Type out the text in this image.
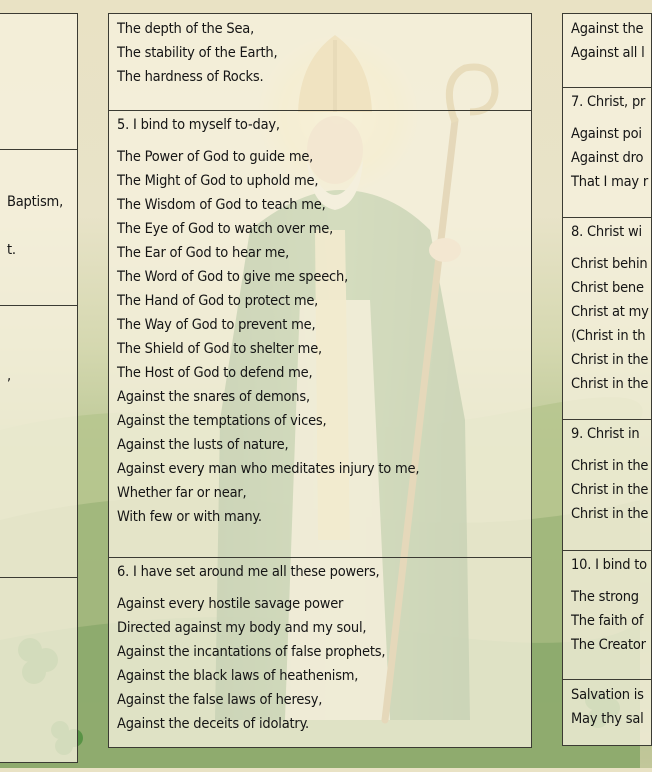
Baptism,
t.
,
The depth of the Sea,
The stability of the Earth,
The hardness of Rocks.
5. I bind to myself to-day,
The Power of God to guide me,
The Might of God to uphold me,
The Wisdom of God to teach me,
The Eye of God to watch over me,
The Ear of God to hear me,
The Word of God to give me speech,
The Hand of God to protect me,
The Way of God to prevent me,
The Shield of God to shelter me,
The Host of God to defend me,
Against the snares of demons,
Against the temptations of vices,
Against the lusts of nature,
Against every man who meditates injury to me,
Whether far or near,
With few or with many.
6. I have set around me all these powers,
Against every hostile savage power
Directed against my body and my soul,
Against the incantations of false prophets,
Against the black laws of heathenism,
Against the false laws of heresy,
Against the deceits of idolatry.
Against the
Against all l
7. Christ, pr
Against poi
Against dro
That I may r
8. Christ wi
Christ behin
Christ bene
Christ at my
(Christ in th
Christ in the
Christ in the
9. Christ in
Christ in the
Christ in the
Christ in the
10. I bind to
The strong
The faith of
The Creator
Salvation is
May thy sal
